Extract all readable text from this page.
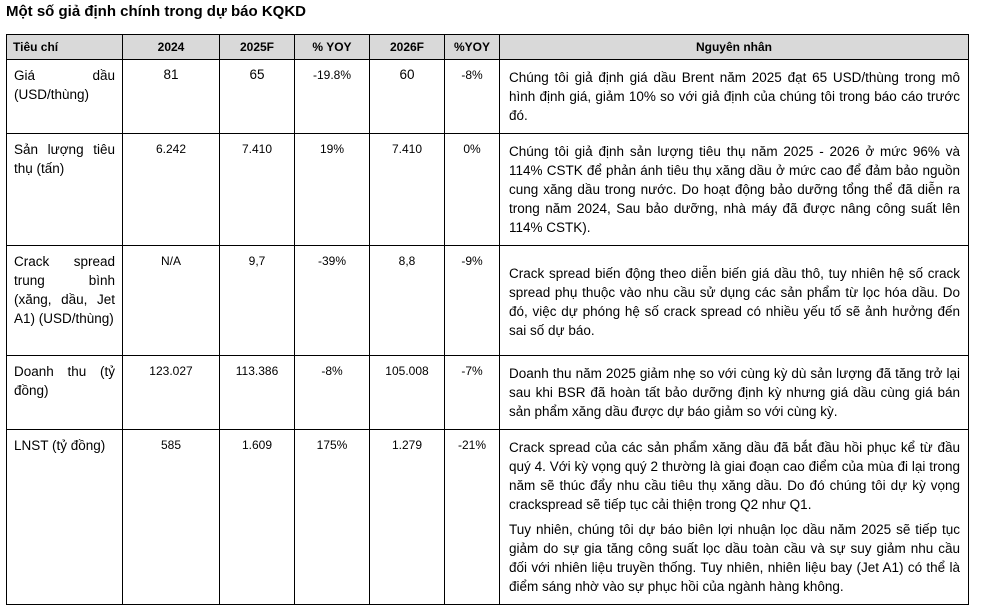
Một số giả định chính trong dự báo KQKD
Tiêu chí	2024	2025F	% YOY	2026F	%YOY	Nguyên nhân
Giá dầu (USD/thùng)	81	65	-19.8%	60	-8%	Chúng tôi giả định giá dầu Brent năm 2025 đạt 65 USD/thùng trong mô hình định giá, giảm 10% so với giả định của chúng tôi trong báo cáo trước đó.

Sản lượng tiêu thụ (tấn)	6.242	7.410	19%	7.410	0%	Chúng tôi giả định sản lượng tiêu thụ năm 2025 - 2026 ở mức 96% và 114% CSTK để phản ánh tiêu thụ xăng dầu ở mức cao để đảm bảo nguồn cung xăng dầu trong nước. Do hoạt động bảo dưỡng tổng thể đã diễn ra trong năm 2024, Sau bảo dưỡng, nhà máy đã được nâng công suất lên 114% CSTK).

Crack spread trung bình (xăng, dầu, Jet A1) (USD/thùng)	N/A	9,7	-39%	8,8	-9%	Crack spread biến động theo diễn biến giá dầu thô, tuy nhiên hệ số crack spread phụ thuộc vào nhu cầu sử dụng các sản phẩm từ lọc hóa dầu. Do đó, việc dự phóng hệ số crack spread có nhiều yếu tố sẽ ảnh hưởng đến sai số dự báo.

Doanh thu (tỷ đồng)	123.027	113.386	-8%	105.008	-7%	Doanh thu năm 2025 giảm nhẹ so với cùng kỳ dù sản lượng đã tăng trở lại sau khi BSR đã hoàn tất bảo dưỡng định kỳ nhưng giá dầu cùng giá bán sản phẩm xăng dầu được dự báo giảm so với cùng kỳ.

LNST (tỷ đồng)	585	1.609	175%	1.279	-21%	Crack spread của các sản phẩm xăng dầu đã bắt đầu hồi phục kể từ đầu quý 4. Với kỳ vọng quý 2 thường là giai đoạn cao điểm của mùa đi lại trong năm sẽ thúc đẩy nhu cầu tiêu thụ xăng dầu. Do đó chúng tôi dự kỳ vọng crackspread sẽ tiếp tục cải thiện trong Q2 như Q1.

Tuy nhiên, chúng tôi dự báo biên lợi nhuận lọc dầu năm 2025 sẽ tiếp tục giảm do sự gia tăng công suất lọc dầu toàn cầu và sự suy giảm nhu cầu đối với nhiên liệu truyền thống. Tuy nhiên, nhiên liệu bay (Jet A1) có thể là điểm sáng nhờ vào sự phục hồi của ngành hàng không.
